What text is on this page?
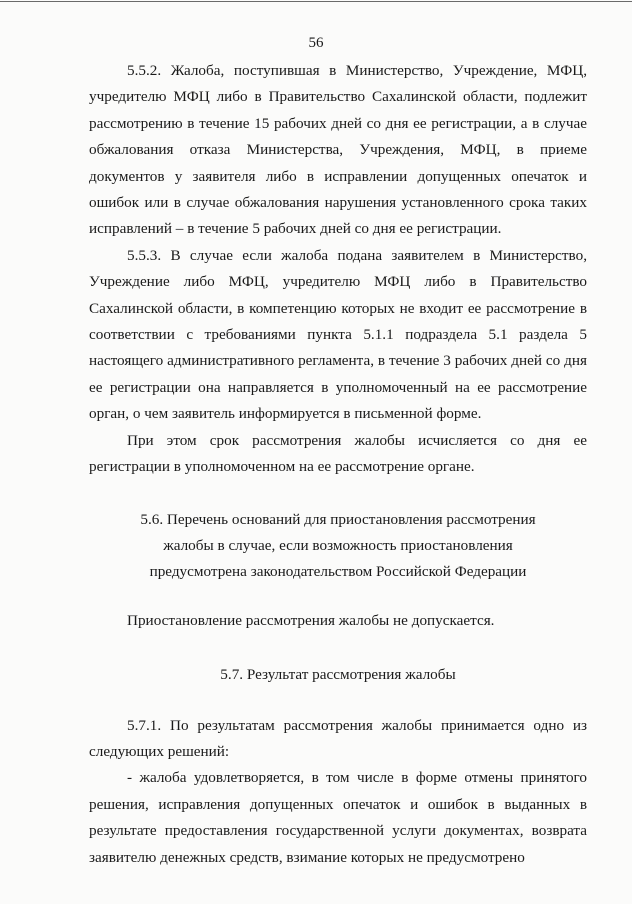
56

5.5.2. Жалоба, поступившая в Министерство, Учреждение, МФЦ, учредителю МФЦ либо в Правительство Сахалинской области, подлежит рассмотрению в течение 15 рабочих дней со дня ее регистрации, а в случае обжалования отказа Министерства, Учреждения, МФЦ, в приеме документов у заявителя либо в исправлении допущенных опечаток и ошибок или в случае обжалования нарушения установленного срока таких исправлений – в течение 5 рабочих дней со дня ее регистрации.

5.5.3. В случае если жалоба подана заявителем в Министерство, Учреждение либо МФЦ, учредителю МФЦ либо в Правительство Сахалинской области, в компетенцию которых не входит ее рассмотрение в соответствии с требованиями пункта 5.1.1 подраздела 5.1 раздела 5 настоящего административного регламента, в течение 3 рабочих дней со дня ее регистрации она направляется в уполномоченный на ее рассмотрение орган, о чем заявитель информируется в письменной форме.

При этом срок рассмотрения жалобы исчисляется со дня ее регистрации в уполномоченном на ее рассмотрение органе.

5.6. Перечень оснований для приостановления рассмотрения

жалобы в случае, если возможность приостановления

предусмотрена законодательством Российской Федерации

Приостановление рассмотрения жалобы не допускается.

5.7. Результат рассмотрения жалобы

5.7.1. По результатам рассмотрения жалобы принимается одно из следующих решений:

- жалоба удовлетворяется, в том числе в форме отмены принятого решения, исправления допущенных опечаток и ошибок в выданных в результате предоставления государственной услуги документах, возврата заявителю денежных средств, взимание которых не предусмотрено
